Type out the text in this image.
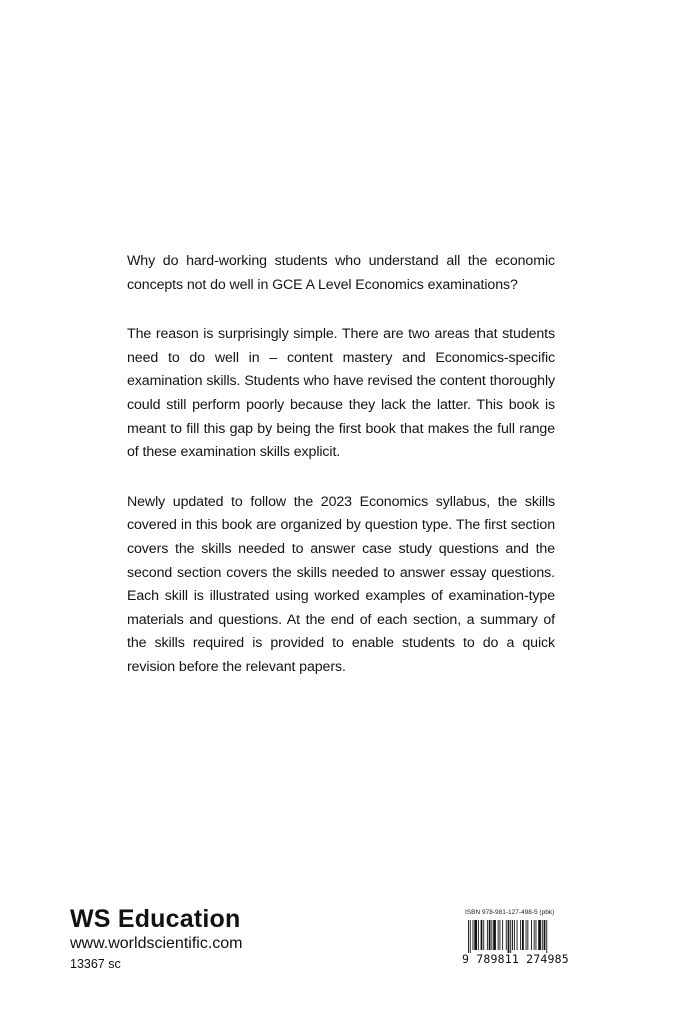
Why do hard-working students who understand all the economic concepts not do well in GCE A Level Economics examinations?

The reason is surprisingly simple. There are two areas that students need to do well in – content mastery and Economics-specific examination skills. Students who have revised the content thoroughly could still perform poorly because they lack the latter. This book is meant to fill this gap by being the first book that makes the full range of these examination skills explicit.

Newly updated to follow the 2023 Economics syllabus, the skills covered in this book are organized by question type. The first section covers the skills needed to answer case study questions and the second section covers the skills needed to answer essay questions. Each skill is illustrated using worked examples of examination-type materials and questions. At the end of each section, a summary of the skills required is provided to enable students to do a quick revision before the relevant papers.

WS Education
www.worldscientific.com
13367 sc
ISBN 978-981-127-498-5 (pbk)
9 789811 274985
